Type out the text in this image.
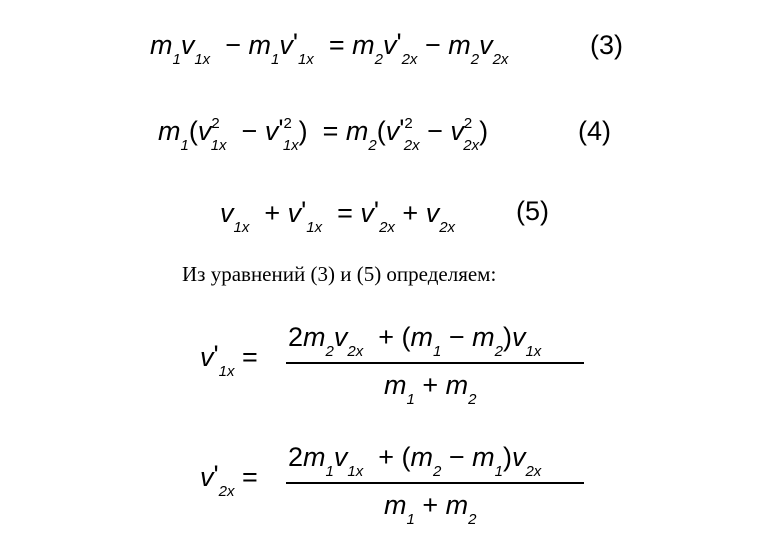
$m_1v_{1x} - m_1v'_{1x} = m_2v'_{2x} - m_2v_{2x}$	(3)
$m_1(v^2_{1x} - v'^2_{1x}) = m_2(v'^2_{2x} - v^2_{2x})$	(4)
$v_{1x} + v'_{1x} = v'_{2x} + v_{2x}$
(5)
Из уравнений (3) и (5) определяем:
$v'_{1x}$ =
$2m_2v_{2x} + (m_1 - m_2)v_{1x}$
$m_1 + m_2$
$v'_{2x}$ =
$2m_1v_{1x} + (m_2 - m_1)v_{2x}$
$m_1 + m_2$
